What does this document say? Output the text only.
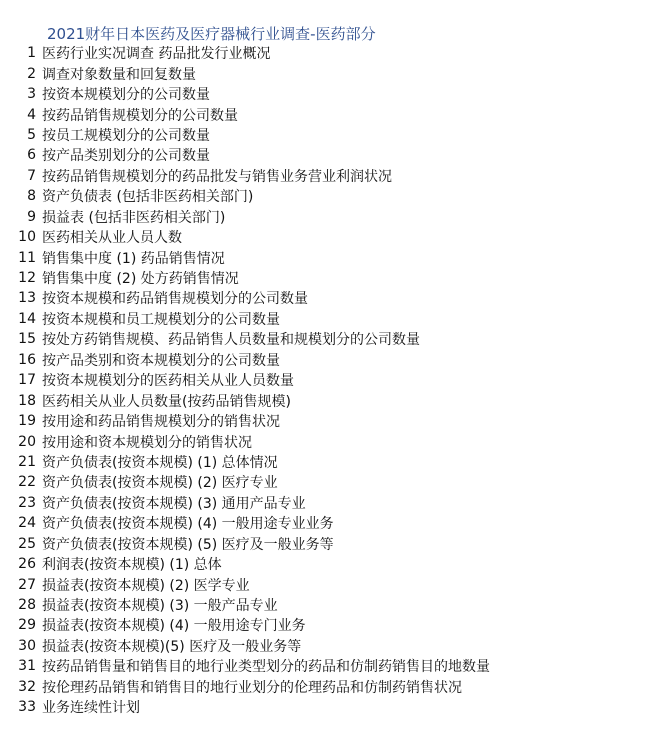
2021财年日本医药及医疗器械行业调查-医药部分
1 医药行业实况调查 药品批发行业概况
2 调查对象数量和回复数量
3 按资本规模划分的公司数量
4 按药品销售规模划分的公司数量
5 按员工规模划分的公司数量
6 按产品类别划分的公司数量
7 按药品销售规模划分的药品批发与销售业务营业利润状况
8 资产负债表 (包括非医药相关部门)
9 损益表 (包括非医药相关部门)
10 医药相关从业人员人数
11 销售集中度 (1) 药品销售情况
12 销售集中度 (2) 处方药销售情况
13 按资本规模和药品销售规模划分的公司数量
14 按资本规模和员工规模划分的公司数量
15 按处方药销售规模、药品销售人员数量和规模划分的公司数量
16 按产品类别和资本规模划分的公司数量
17 按资本规模划分的医药相关从业人员数量
18 医药相关从业人员数量(按药品销售规模)
19 按用途和药品销售规模划分的销售状况
20 按用途和资本规模划分的销售状况
21 资产负债表(按资本规模) (1) 总体情况
22 资产负债表(按资本规模) (2) 医疗专业
23 资产负债表(按资本规模) (3) 通用产品专业
24 资产负债表(按资本规模) (4) 一般用途专业业务
25 资产负债表(按资本规模) (5) 医疗及一般业务等
26 利润表(按资本规模) (1) 总体
27 损益表(按资本规模) (2) 医学专业
28 损益表(按资本规模) (3) 一般产品专业
29 损益表(按资本规模) (4) 一般用途专门业务
30 损益表(按资本规模)(5) 医疗及一般业务等
31 按药品销售量和销售目的地行业类型划分的药品和仿制药销售目的地数量
32 按伦理药品销售和销售目的地行业划分的伦理药品和仿制药销售状况
33 业务连续性计划
